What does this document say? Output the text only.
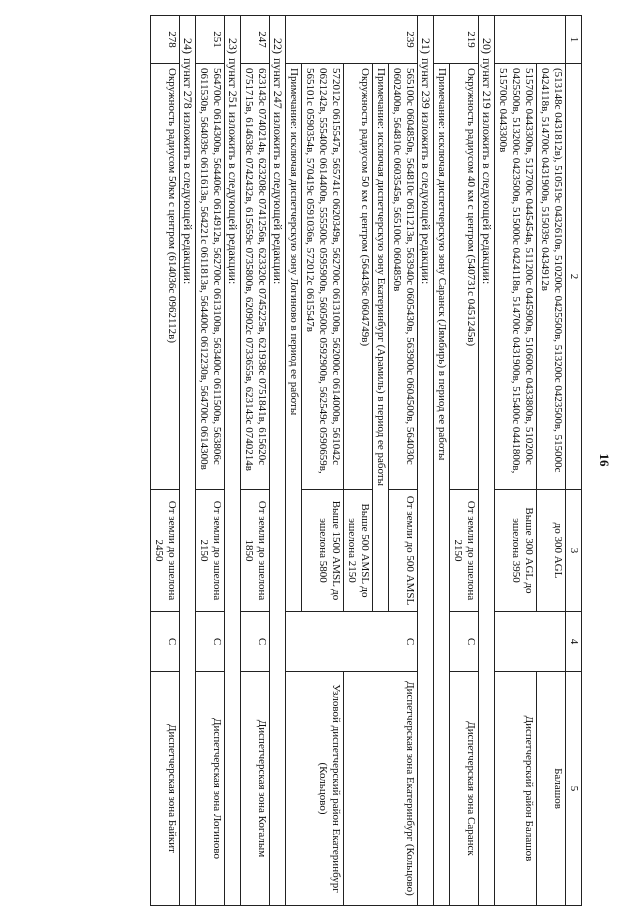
16
1	2	3	4	5
	(513148с 0431812в), 510519с 0432610в, 510200с 0425500в, 513200с 0423500в, 515000с 0424118в, 514700с 0431900в, 515039с 0434912в	до 300 AGL		Балашов
	515700с 0443300в, 512700с 0445454в, 511200с 0445900в, 510600с 0433800в, 510200с 0425500в, 513200с 0423500в, 515000с 0424118в, 514700с 0431900в, 515400с 0441800в, 515700с 0443300в	Выше 300 AGL до эшелона 3950		Диспетчерский район Балашов
20)пункт 219 изложить в следующей редакции:				
219	Окружность радиусом 40 км с центром (540731с 0451245в)	От земли до эшелона 2150	С	Диспетчерская зона Саранск
	Примечание: исключая диспетчерскую зону Саранск (Лямбирь) в период ее работы			
21)пункт 239 изложить в следующей редакции:				
239	565100с 0604850в, 564810с 0611213в, 563940с 0605430в, 563900с 0604500в, 564030с 0602400в, 564810с 0603545в, 565100с 0604850в	От земли до 500 AMSL	С	Диспетчерская зона Екатеринбург (Кольцово)
	Примечание: исключая диспетчерскую зону Екатеринбург (Арамиль) в период ее работы			
	Окружность радиусом 50 км с центром (564436с 0604749в)	Выше 500 AMSL до эшелона 2150		
	572012с 0615547в, 565741с 0620349в, 562700с 0613100в, 562000с 0614000в, 561042с 0621242в, 555400с 0614400в, 555500с 0595900в, 560500с 0592900в, 562549с 0590659в, 565101с 0590354в, 570419с 0591036в, 572012с 0615547в	Выше 1500 AMSL до эшелона 5800		Узловой диспетчерский район Екатеринбург (Кольцово)
	Примечание: исключая диспетчерскую зону Логиново в период ее работы			
22)пункт 247 изложить в следующей редакции:				
247	623143с 0740214в, 623208с 0741256в, 623320с 0745225в, 621938с 0751841в, 615620с 0751715в, 614638с 0742432в, 615659с 0735800в, 620902с 0733655в, 623143с 0740214в	От земли до эшелона 1850	С	Диспетчерская зона Когалым
23)пункт 251 изложить в следующей редакции:				
251	564700с 0614300в, 564406с 0614912в, 562700с 0613100в, 563400с 0611500в, 563806с 0611530в, 564039с 0611613в, 564221с 0611813в, 564400с 0612230в, 564700с 0614300в	От земли до эшелона 2150	С	Диспетчерская зона Логиново
24)пункт 278 изложить в следующей редакции:				
278	Окружность радиусом 50км с центром (614036с 0962112в)	От земли до эшелона 2450	С	Диспетчерская зона Байкит
